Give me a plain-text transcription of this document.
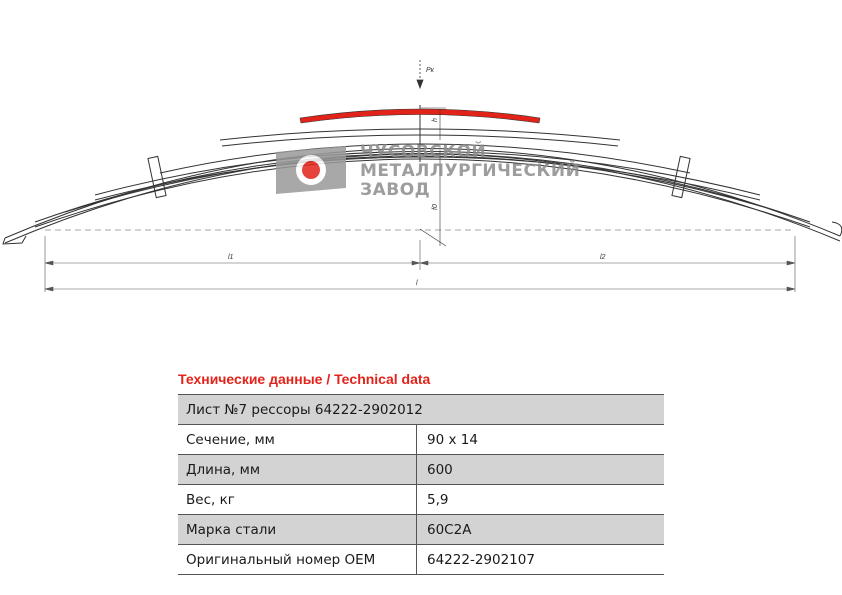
Pк
h
f0
l1	l2
l
ЧУСОВСКОЙ
МЕТАЛЛУРГИЧЕСКИЙ
ЗАВОД
Технические данные / Technical data
Лист №7 рессоры 64222-2902012	
Сечение, мм	90 x 14
Длина, мм	600
Вес, кг	5,9
Марка стали	60С2А
Оригинальный номер OEM	64222-2902107
